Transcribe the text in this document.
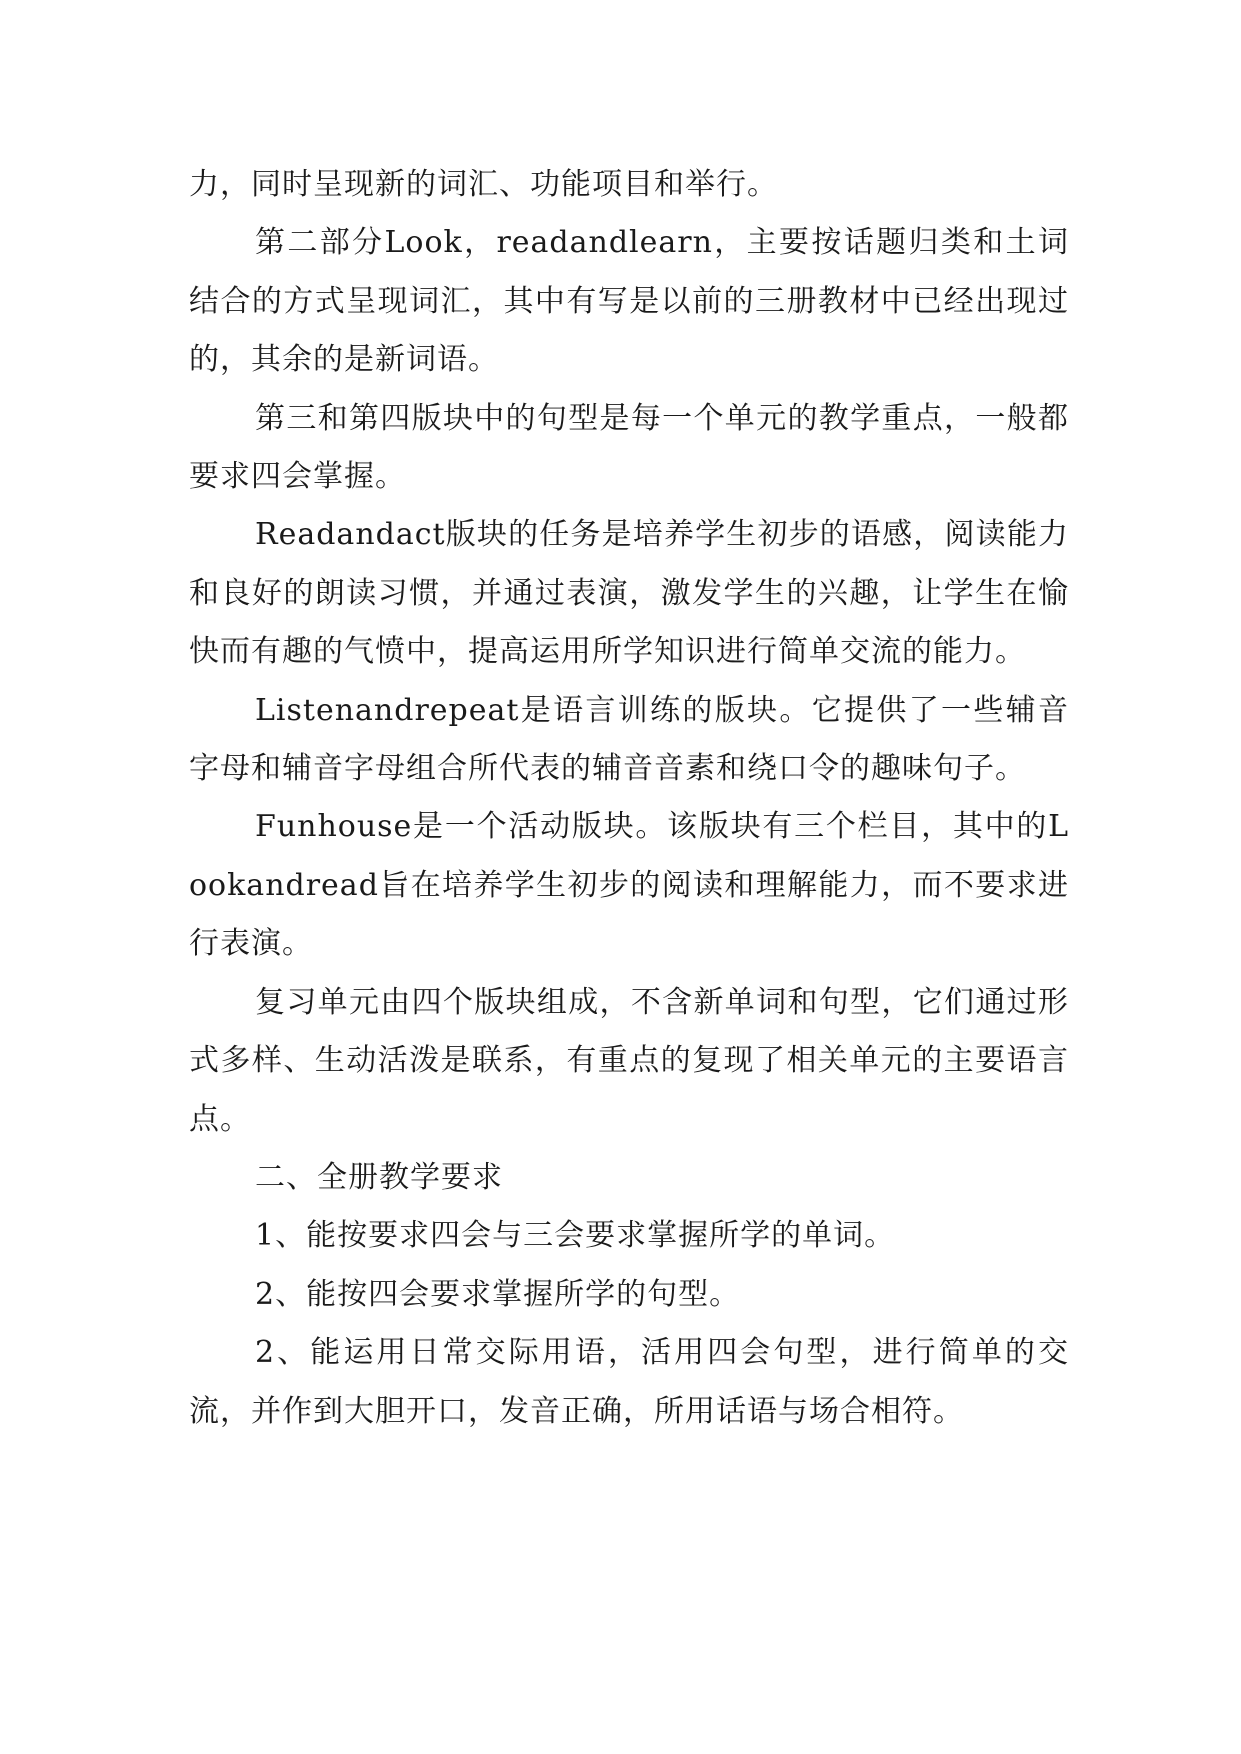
力，同时呈现新的词汇、功能项目和举行。

第二部分Look，readandlearn，主要按话题归类和土词结合的方式呈现词汇，其中有写是以前的三册教材中已经出现过的，其余的是新词语。

第三和第四版块中的句型是每一个单元的教学重点，一般都要求四会掌握。

Readandact版块的任务是培养学生初步的语感，阅读能力和良好的朗读习惯，并通过表演，激发学生的兴趣，让学生在愉快而有趣的气愤中，提高运用所学知识进行简单交流的能力。

Listenandrepeat是语言训练的版块。它提供了一些辅音字母和辅音字母组合所代表的辅音音素和绕口令的趣味句子。

Funhouse是一个活动版块。该版块有三个栏目，其中的Lookandread旨在培养学生初步的阅读和理解能力，而不要求进行表演。

复习单元由四个版块组成，不含新单词和句型，它们通过形式多样、生动活泼是联系，有重点的复现了相关单元的主要语言点。

二、全册教学要求

1、能按要求四会与三会要求掌握所学的单词。

2、能按四会要求掌握所学的句型。

2、能运用日常交际用语，活用四会句型，进行简单的交流，并作到大胆开口，发音正确，所用话语与场合相符。
